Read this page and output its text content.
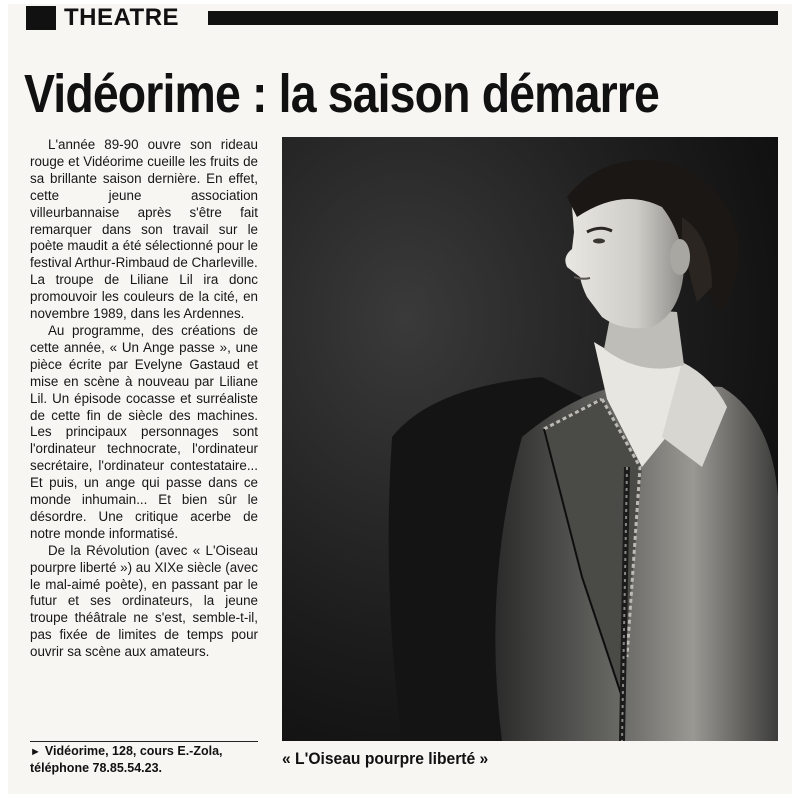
THEATRE
Vidéorime : la saison démarre

L'année 89-90 ouvre son rideau rouge et Vidéorime cueille les fruits de sa brillante saison dernière. En effet, cette jeune association villeurbannaise après s'être fait remarquer dans son travail sur le poète maudit a été sélectionné pour le festival Arthur-Rimbaud de Charleville.

La troupe de Liliane Lil ira donc promouvoir les couleurs de la cité, en novembre 1989, dans les Ardennes.

Au programme, des créations de cette année, « Un Ange passe », une pièce écrite par Evelyne Gastaud et mise en scène à nouveau par Liliane Lil. Un épisode cocasse et surréaliste de cette fin de siècle des machines. Les principaux personnages sont l'ordinateur technocrate, l'ordinateur secrétaire, l'ordinateur contestataire... Et puis, un ange qui passe dans ce monde inhumain... Et bien sûr le désordre. Une critique acerbe de notre monde informatisé.

De la Révolution (avec « L'Oiseau pourpre liberté ») au XIXe siècle (avec le mal-aimé poète), en passant par le futur et ses ordinateurs, la jeune troupe théâtrale ne s'est, semble-t-il, pas fixée de limites de temps pour ouvrir sa scène aux amateurs.

► Vidéorime, 128, cours E.-Zola,
téléphone 78.85.54.23.	« L'Oiseau pourpre liberté »
